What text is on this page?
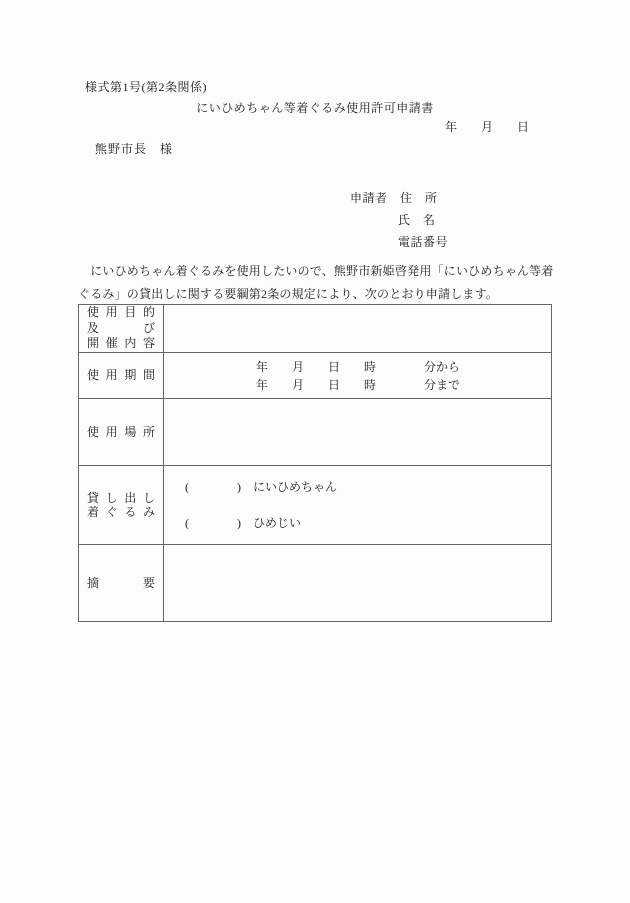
様式第1号(第2条関係)
にいひめちゃん等着ぐるみ使用許可申請書
年　　月　　日
熊野市長　様
申請者　住　所
氏　名
電話番号
　にいひめちゃん着ぐるみを使用したいので、熊野市新姫啓発用「にいひめちゃん等着ぐるみ」の貸出しに関する要綱第2条の規定により、次のとおり申請します。
使 用 目 的
及	び
開 催 内 容
使 用 期 間
年　　月　　日　　時　　　　分から
年　　月　　日　　時　　　　分まで
使 用 場 所
貸 し 出 し
着 ぐ る み
(　　　　)　にいひめちゃん
(　　　　)　ひめじい
摘	要
